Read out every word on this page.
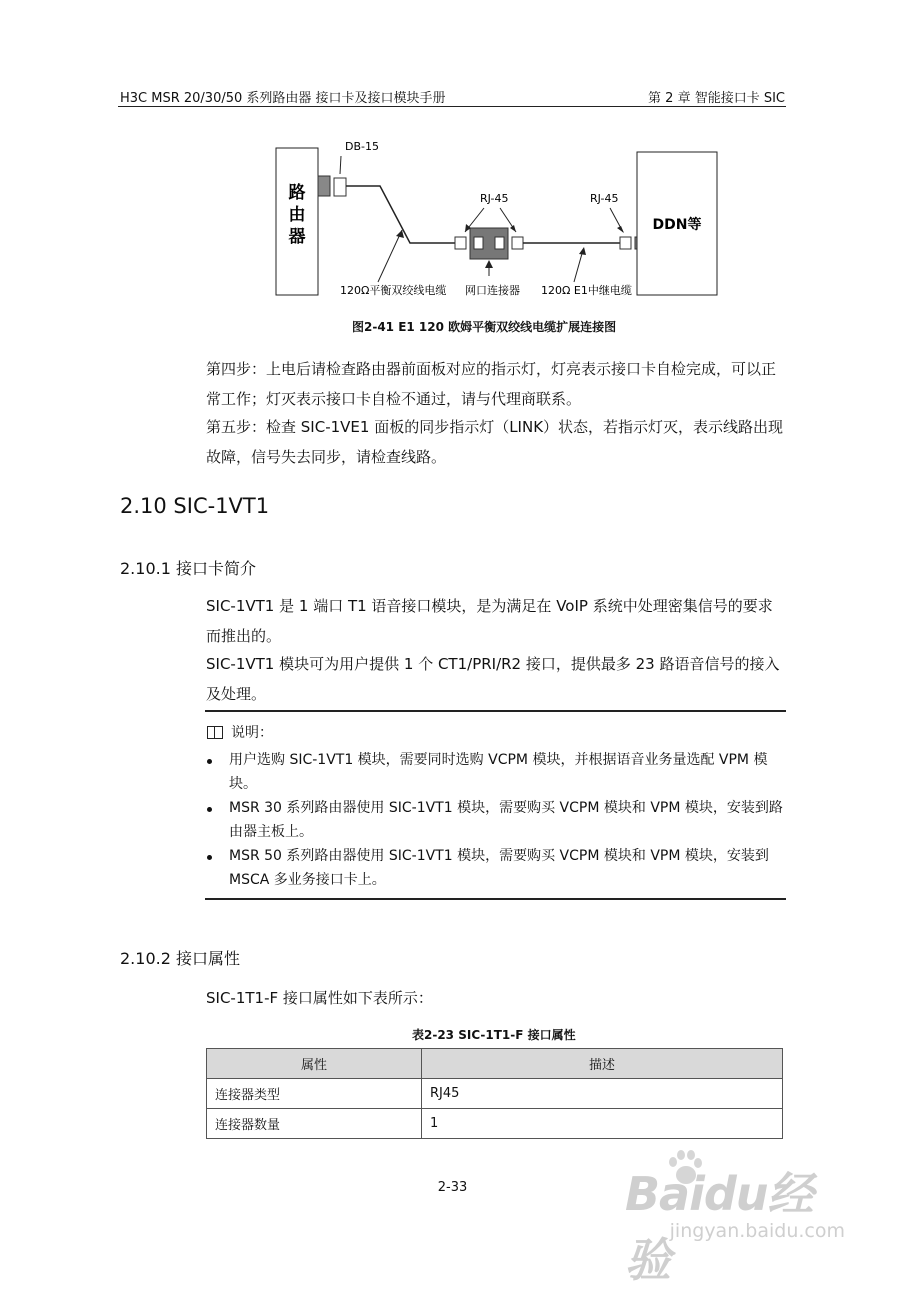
H3C MSR 20/30/50 系列路由器 接口卡及接口模块手册	第 2 章 智能接口卡 SIC
路
由
器
DB-15
RJ-45	RJ-45
DDN等
120Ω平衡双绞线电缆 网口连接器 120Ω E1中继电缆
图2-41 E1 120 欧姆平衡双绞线电缆扩展连接图
第四步：上电后请检查路由器前面板对应的指示灯，灯亮表示接口卡自检完成，可以正常工作；灯灭表示接口卡自检不通过，请与代理商联系。
第五步：检查 SIC-1VE1 面板的同步指示灯（LINK）状态，若指示灯灭，表示线路出现故障，信号失去同步，请检查线路。
2.10 SIC-1VT1
2.10.1 接口卡简介
SIC-1VT1 是 1 端口 T1 语音接口模块，是为满足在 VoIP 系统中处理密集信号的要求而推出的。
SIC-1VT1 模块可为用户提供 1 个 CT1/PRI/R2 接口，提供最多 23 路语音信号的接入及处理。
说明：
用户选购 SIC-1VT1 模块，需要同时选购 VCPM 模块，并根据语音业务量选配 VPM 模块。
MSR 30 系列路由器使用 SIC-1VT1 模块，需要购买 VCPM 模块和 VPM 模块，安装到路由器主板上。
MSR 50 系列路由器使用 SIC-1VT1 模块，需要购买 VCPM 模块和 VPM 模块，安装到 MSCA 多业务接口卡上。
2.10.2 接口属性
SIC-1T1-F 接口属性如下表所示：
表2-23 SIC-1T1-F 接口属性
属性	描述
连接器类型	RJ45
连接器数量	1
2-33	Baidu经验
jingyan.baidu.com
